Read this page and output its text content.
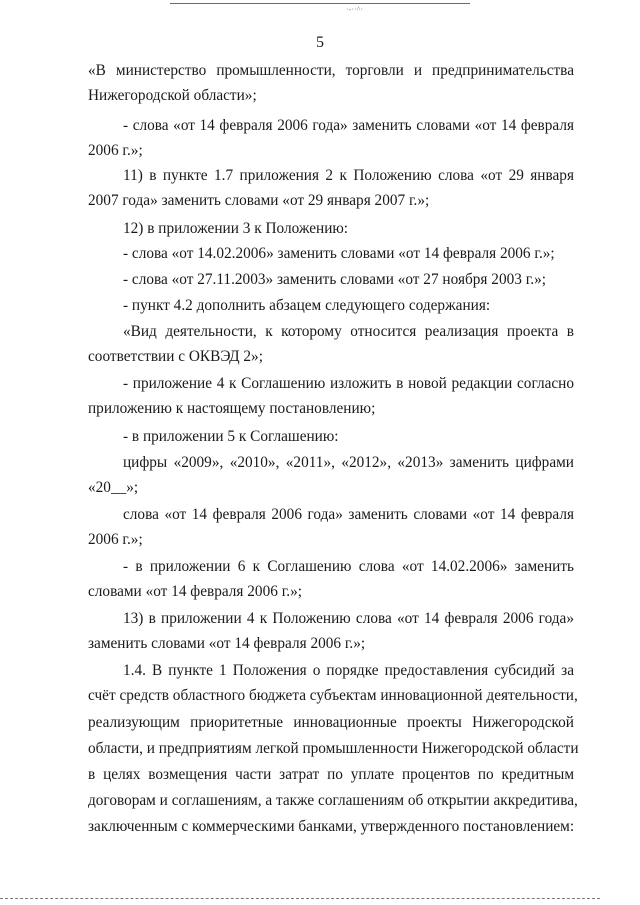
·-··^·
5
«В министерство промышленности, торговли и предпринимательства
Нижегородской области»;
- слова «от 14 февраля 2006 года» заменить словами «от 14 февраля
2006 г.»;
11) в пункте 1.7 приложения 2 к Положению слова «от 29 января
2007 года» заменить словами «от 29 января 2007 г.»;
12) в приложении 3 к Положению:
- слова «от 14.02.2006» заменить словами «от 14 февраля 2006 г.»;
- слова «от 27.11.2003» заменить словами «от 27 ноября 2003 г.»;
- пункт 4.2 дополнить абзацем следующего содержания:
«Вид деятельности, к которому относится реализация проекта в
соответствии с ОКВЭД 2»;
- приложение 4 к Соглашению изложить в новой редакции согласно
приложению к настоящему постановлению;
- в приложении 5 к Соглашению:
цифры «2009», «2010», «2011», «2012», «2013» заменить цифрами
«20__»;
слова «от 14 февраля 2006 года» заменить словами «от 14 февраля
2006 г.»;
- в приложении 6 к Соглашению слова «от 14.02.2006» заменить
словами «от 14 февраля 2006 г.»;
13) в приложении 4 к Положению слова «от 14 февраля 2006 года»
заменить словами «от 14 февраля 2006 г.»;
1.4. В пункте 1 Положения о порядке предоставления субсидий за
счёт средств областного бюджета субъектам инновационной деятельности,
реализующим приоритетные инновационные проекты Нижегородской
области, и предприятиям легкой промышленности Нижегородской области
в целях возмещения части затрат по уплате процентов по кредитным
договорам и соглашениям, а также соглашениям об открытии аккредитива,
заключенным с коммерческими банками, утвержденного постановлением:
